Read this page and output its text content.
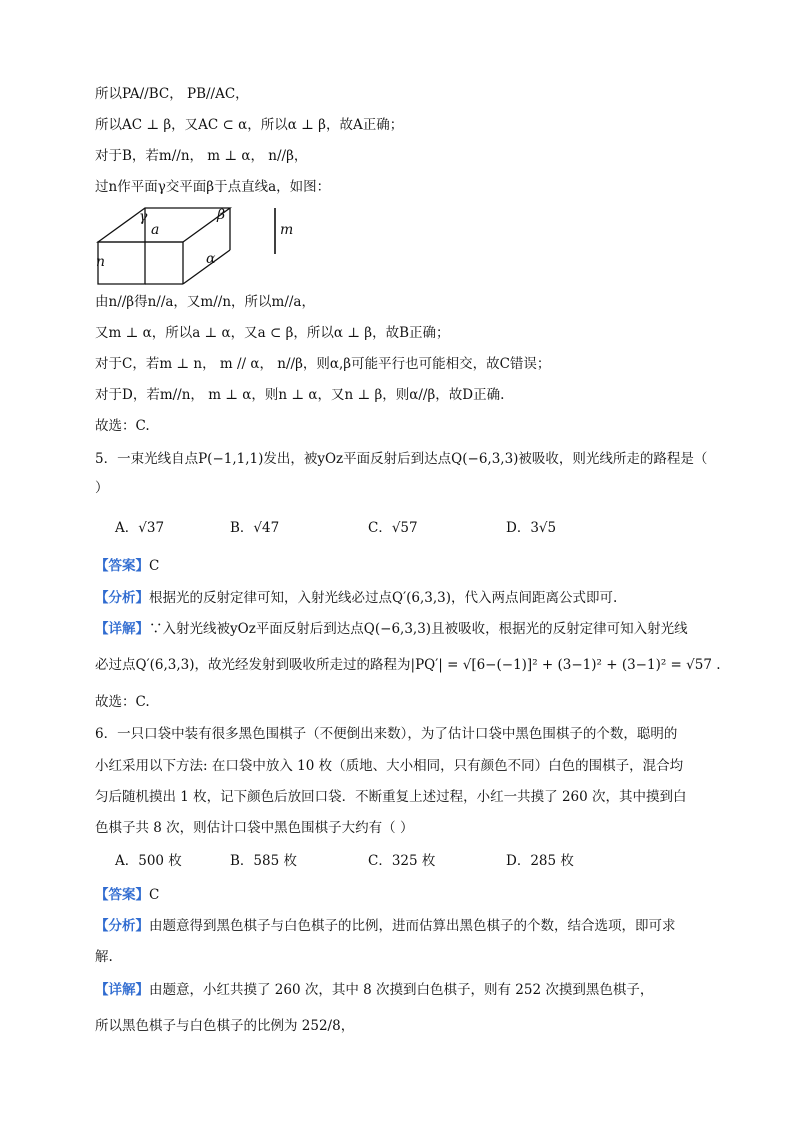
所以PA//BC， PB//AC，
所以AC ⊥ β，又AC ⊂ α，所以α ⊥ β，故A正确；
对于B，若m//n， m ⊥ α， n//β，
过n作平面γ交平面β于点直线a，如图：
γ
a
β
α
n
m
由n//β得n//a，又m//n，所以m//a，
又m ⊥ α，所以a ⊥ α，又a ⊂ β，所以α ⊥ β，故B正确；
对于C，若m ⊥ n， m // α， n//β，则α,β可能平行也可能相交，故C错误；
对于D，若m//n， m ⊥ α，则n ⊥ α，又n ⊥ β，则α//β，故D正确.
故选：C.
5．一束光线自点P(−1,1,1)发出，被yOz平面反射后到达点Q(−6,3,3)被吸收，则光线所走的路程是（
）
A．√37	B．√47	C．√57	D．3√5
【答案】C
【分析】根据光的反射定律可知，入射光线必过点Q′(6,3,3)，代入两点间距离公式即可.
【详解】∵入射光线被yOz平面反射后到达点Q(−6,3,3)且被吸收，根据光的反射定律可知入射光线
必过点Q′(6,3,3)，故光经发射到吸收所走过的路程为|PQ′| = √[6−(−1)]² + (3−1)² + (3−1)² = √57 .
故选：C.
6．一只口袋中装有很多黑色围棋子（不便倒出来数），为了估计口袋中黑色围棋子的个数，聪明的
小红采用以下方法: 在口袋中放入 10 枚（质地、大小相同，只有颜色不同）白色的围棋子，混合均
匀后随机摸出 1 枚，记下颜色后放回口袋．不断重复上述过程，小红一共摸了 260 次，其中摸到白
色棋子共 8 次，则估计口袋中黑色围棋子大约有（ ）
A．500 枚	B．585 枚	C．325 枚	D．285 枚
【答案】C
【分析】由题意得到黑色棋子与白色棋子的比例，进而估算出黑色棋子的个数，结合选项，即可求
解.
【详解】由题意，小红共摸了 260 次，其中 8 次摸到白色棋子，则有 252 次摸到黑色棋子，
所以黑色棋子与白色棋子的比例为 252/8，
